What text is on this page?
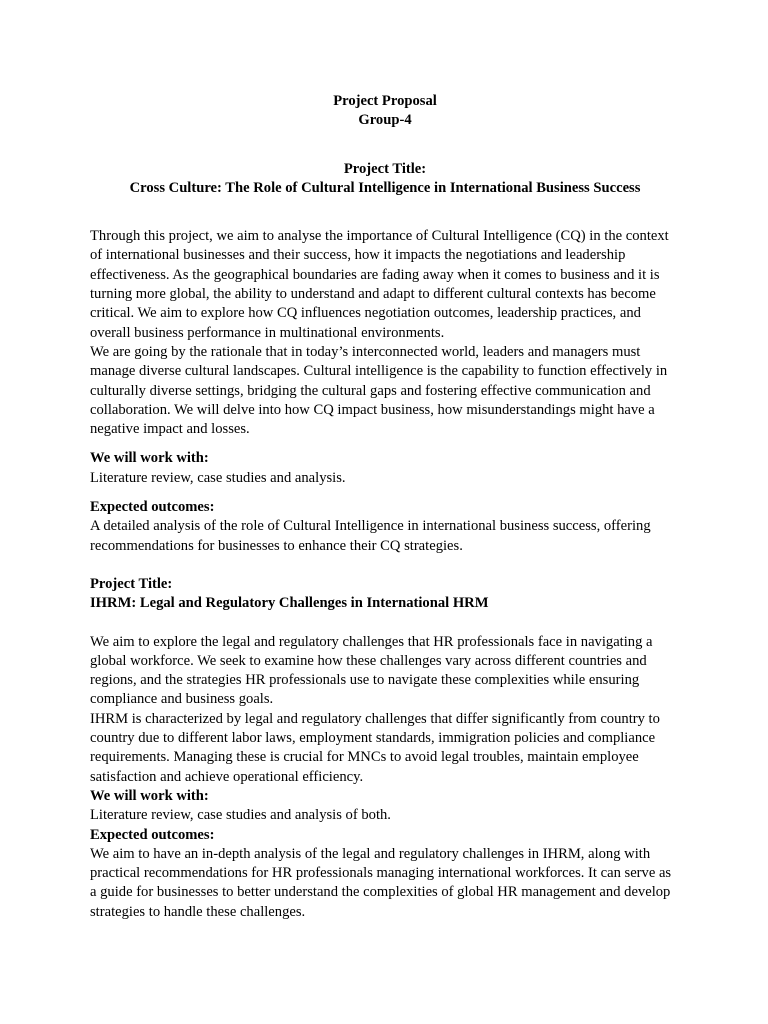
Project Proposal

Group-4

Project Title:

Cross Culture: The Role of Cultural Intelligence in International Business Success

Through this project, we aim to analyse the importance of Cultural Intelligence (CQ) in the context of international businesses and their success, how it impacts the negotiations and leadership effectiveness. As the geographical boundaries are fading away when it comes to business and it is turning more global, the ability to understand and adapt to different cultural contexts has become critical. We aim to explore how CQ influences negotiation outcomes, leadership practices, and overall business performance in multinational environments.

We are going by the rationale that in today’s interconnected world, leaders and managers must manage diverse cultural landscapes. Cultural intelligence is the capability to function effectively in culturally diverse settings, bridging the cultural gaps and fostering effective communication and collaboration. We will delve into how CQ impact business, how misunderstandings might have a negative impact and losses.

We will work with:

Literature review, case studies and analysis.

Expected outcomes:

A detailed analysis of the role of Cultural Intelligence in international business success, offering recommendations for businesses to enhance their CQ strategies.

Project Title:

IHRM: Legal and Regulatory Challenges in International HRM

We aim to explore the legal and regulatory challenges that HR professionals face in navigating a global workforce. We seek to examine how these challenges vary across different countries and regions, and the strategies HR professionals use to navigate these complexities while ensuring compliance and business goals.

IHRM is characterized by legal and regulatory challenges that differ significantly from country to country due to different labor laws, employment standards, immigration policies and compliance requirements. Managing these is crucial for MNCs to avoid legal troubles, maintain employee satisfaction and achieve operational efficiency.

We will work with:

Literature review, case studies and analysis of both.

Expected outcomes:

We aim to have an in-depth analysis of the legal and regulatory challenges in IHRM, along with practical recommendations for HR professionals managing international workforces. It can serve as a guide for businesses to better understand the complexities of global HR management and develop strategies to handle these challenges.
